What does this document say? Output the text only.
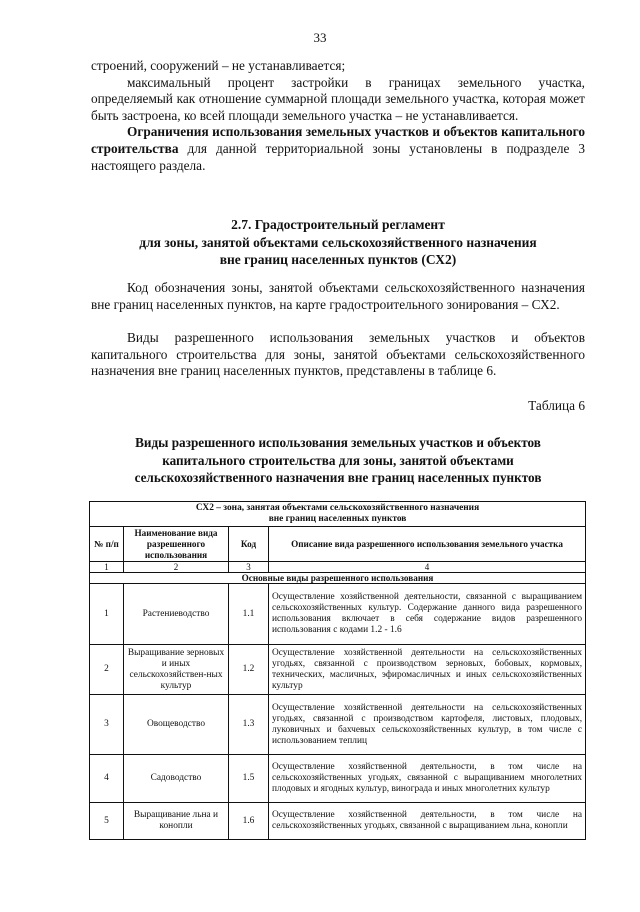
33

строений, сооружений – не устанавливается;

максимальный процент застройки в границах земельного участка, определяемый как отношение суммарной площади земельного участка, которая может быть застроена, ко всей площади земельного участка – не устанавливается.

Ограничения использования земельных участков и объектов капитального строительства для данной территориальной зоны установлены в подразделе 3 настоящего раздела.

2.7. Градостроительный регламент
для зоны, занятой объектами сельскохозяйственного назначения
вне границ населенных пунктов (СХ2)

Код обозначения зоны, занятой объектами сельскохозяйственного назначения вне границ населенных пунктов, на карте градостроительного зонирования – СХ2.

Виды разрешенного использования земельных участков и объектов капитального строительства для зоны, занятой объектами сельскохозяйственного назначения вне границ населенных пунктов, представлены в таблице 6.

Таблица 6
Виды разрешенного использования земельных участков и объектов
капитального строительства для зоны, занятой объектами
сельскохозяйственного назначения вне границ населенных пунктов
СХ2 – зона, занятая объектами сельскохозяйственного назначения
вне границ населенных пунктов			

№ п/п	Наименование вида разрешенного использования	Код	Описание вида разрешенного использования земельного участка
1	2	3	4
Основные виды разрешенного использования			
1	Растениеводство	1.1	Осуществление хозяйственной деятельности, связанной с выращиванием сельскохозяйственных культур. Содержание данного вида разрешенного использования включает в себя содержание видов разрешенного использования с кодами 1.2 - 1.6
2	Выращивание зерновых и иных сельскохозяйствен-ных культур	1.2	Осуществление хозяйственной деятельности на сельскохозяйственных угодьях, связанной с производством зерновых, бобовых, кормовых, технических, масличных, эфиромасличных и иных сельскохозяйственных культур
3	Овощеводство	1.3	Осуществление хозяйственной деятельности на сельскохозяйственных угодьях, связанной с производством картофеля, листовых, плодовых, луковичных и бахчевых сельскохозяйственных культур, в том числе с использованием теплиц
4	Садоводство	1.5	Осуществление хозяйственной деятельности, в том числе на сельскохозяйственных угодьях, связанной с выращиванием многолетних плодовых и ягодных культур, винограда и иных многолетних культур
5	Выращивание льна и конопли	1.6	Осуществление хозяйственной деятельности, в том числе на сельскохозяйственных угодьях, связанной с выращиванием льна, конопли
